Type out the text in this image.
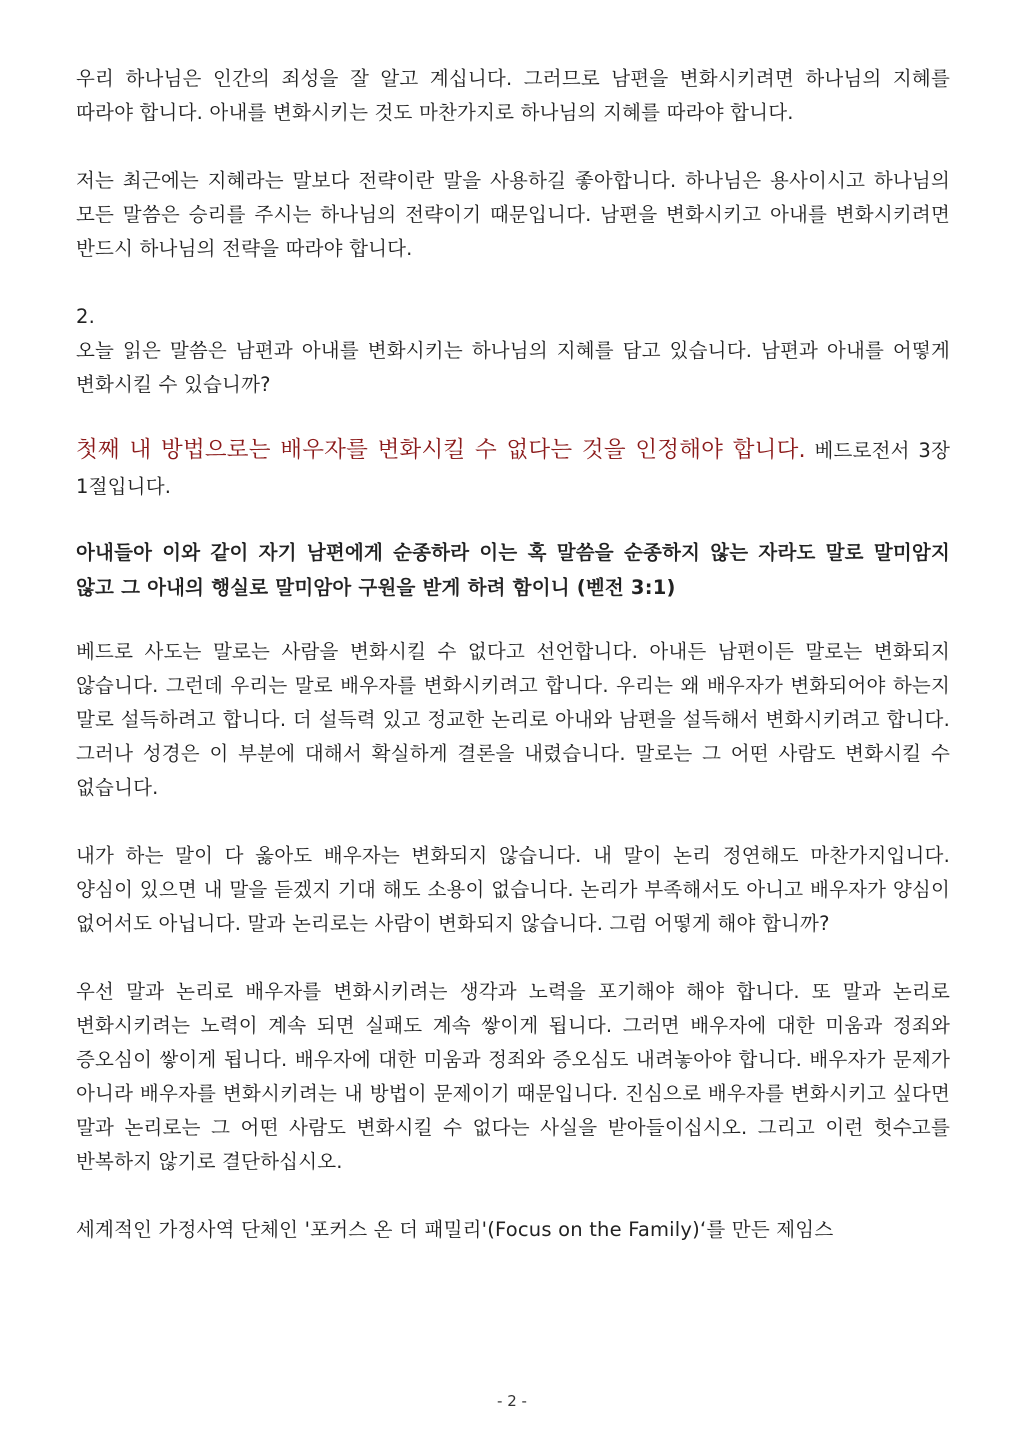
우리 하나님은 인간의 죄성을 잘 알고 계십니다. 그러므로 남편을 변화시키려면 하나님의 지혜를 따라야 합니다. 아내를 변화시키는 것도 마찬가지로 하나님의 지혜를 따라야 합니다.

저는 최근에는 지혜라는 말보다 전략이란 말을 사용하길 좋아합니다. 하나님은 용사이시고 하나님의 모든 말씀은 승리를 주시는 하나님의 전략이기 때문입니다. 남편을 변화시키고 아내를 변화시키려면 반드시 하나님의 전략을 따라야 합니다.

2.

오늘 읽은 말씀은 남편과 아내를 변화시키는 하나님의 지혜를 담고 있습니다. 남편과 아내를 어떻게 변화시킬 수 있습니까?

첫째 내 방법으로는 배우자를 변화시킬 수 없다는 것을 인정해야 합니다. 베드로전서 3장 1절입니다.

아내들아 이와 같이 자기 남편에게 순종하라 이는 혹 말씀을 순종하지 않는 자라도 말로 말미암지 않고 그 아내의 행실로 말미암아 구원을 받게 하려 함이니 (벧전 3:1)

베드로 사도는 말로는 사람을 변화시킬 수 없다고 선언합니다. 아내든 남편이든 말로는 변화되지 않습니다. 그런데 우리는 말로 배우자를 변화시키려고 합니다. 우리는 왜 배우자가 변화되어야 하는지 말로 설득하려고 합니다. 더 설득력 있고 정교한 논리로 아내와 남편을 설득해서 변화시키려고 합니다. 그러나 성경은 이 부분에 대해서 확실하게 결론을 내렸습니다. 말로는 그 어떤 사람도 변화시킬 수 없습니다.

내가 하는 말이 다 옳아도 배우자는 변화되지 않습니다. 내 말이 논리 정연해도 마찬가지입니다. 양심이 있으면 내 말을 듣겠지 기대 해도 소용이 없습니다. 논리가 부족해서도 아니고 배우자가 양심이 없어서도 아닙니다. 말과 논리로는 사람이 변화되지 않습니다. 그럼 어떻게 해야 합니까?

우선 말과 논리로 배우자를 변화시키려는 생각과 노력을 포기해야 해야 합니다. 또 말과 논리로 변화시키려는 노력이 계속 되면 실패도 계속 쌓이게 됩니다. 그러면 배우자에 대한 미움과 정죄와 증오심이 쌓이게 됩니다. 배우자에 대한 미움과 정죄와 증오심도 내려놓아야 합니다. 배우자가 문제가 아니라 배우자를 변화시키려는 내 방법이 문제이기 때문입니다. 진심으로 배우자를 변화시키고 싶다면 말과 논리로는 그 어떤 사람도 변화시킬 수 없다는 사실을 받아들이십시오. 그리고 이런 헛수고를 반복하지 않기로 결단하십시오.

세계적인 가정사역 단체인 '포커스 온 더 패밀리'(Focus on the Family)‘를 만든 제임스

- 2 -
